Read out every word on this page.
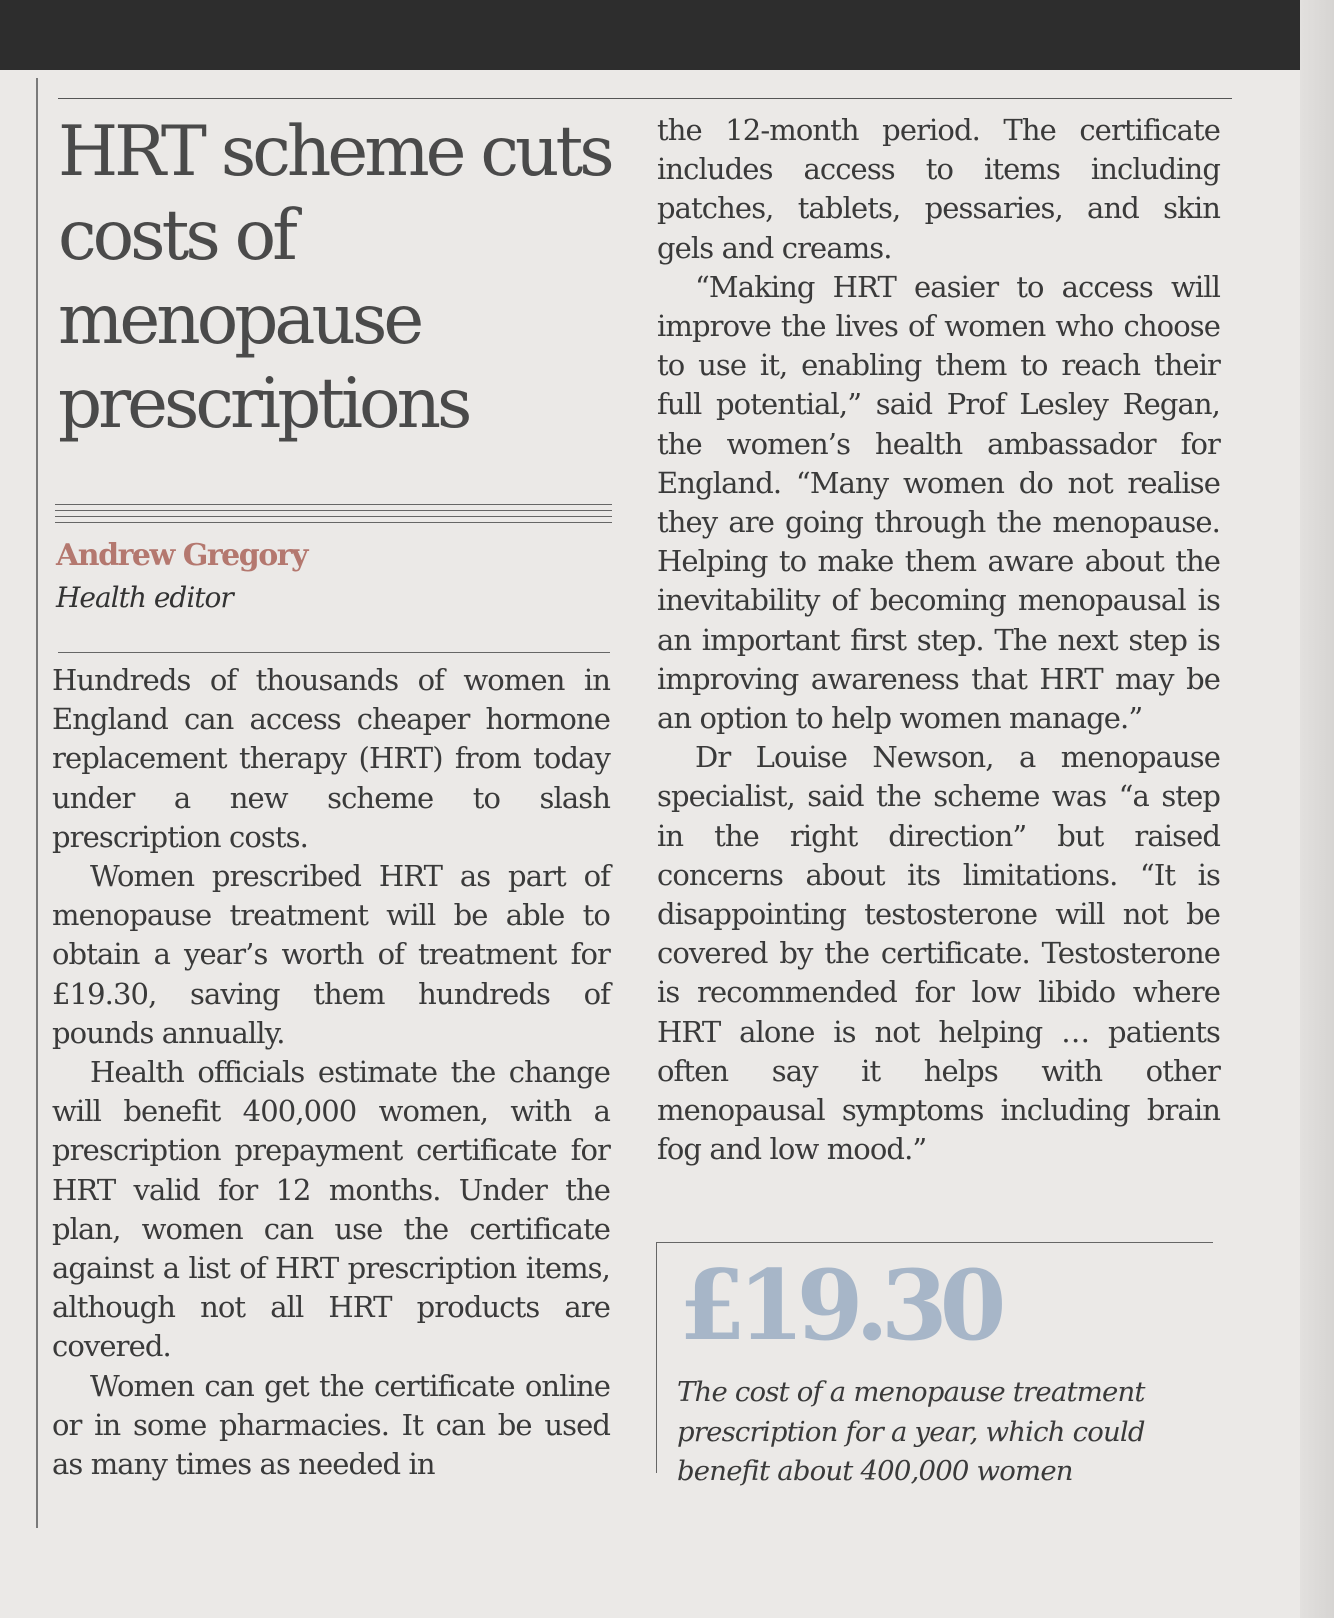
HRT scheme cuts costs of menopause prescriptions
Andrew Gregory
Health editor

Hundreds of thousands of women in England can access cheaper hormone replacement therapy (HRT) from today under a new scheme to slash prescription costs.

Women prescribed HRT as part of menopause treatment will be able to obtain a year’s worth of treatment for £19.30, saving them hundreds of pounds annually.

Health officials estimate the change will benefit 400,000 women, with a prescription prepayment certificate for HRT valid for 12 months. Under the plan, women can use the certificate against a list of HRT prescription items, although not all HRT products are covered.

Women can get the certificate online or in some pharmacies. It can be used as many times as needed in

the 12-month period. The certificate includes access to items including patches, tablets, pessaries, and skin gels and creams.

“Making HRT easier to access will improve the lives of women who choose to use it, enabling them to reach their full potential,” said Prof Lesley Regan, the women’s health ambassador for England. “Many women do not realise they are going through the menopause. Helping to make them aware about the inevitability of becoming menopausal is an important first step. The next step is improving awareness that HRT may be an option to help women manage.”

Dr Louise Newson, a menopause specialist, said the scheme was “a step in the right direction” but raised concerns about its limitations. “It is disappointing testosterone will not be covered by the certificate. Testosterone is recommended for low libido where HRT alone is not helping … patients often say it helps with other menopausal symptoms including brain fog and low mood.”

£19.30
The cost of a menopause treatment prescription for a year, which could benefit about 400,000 women
